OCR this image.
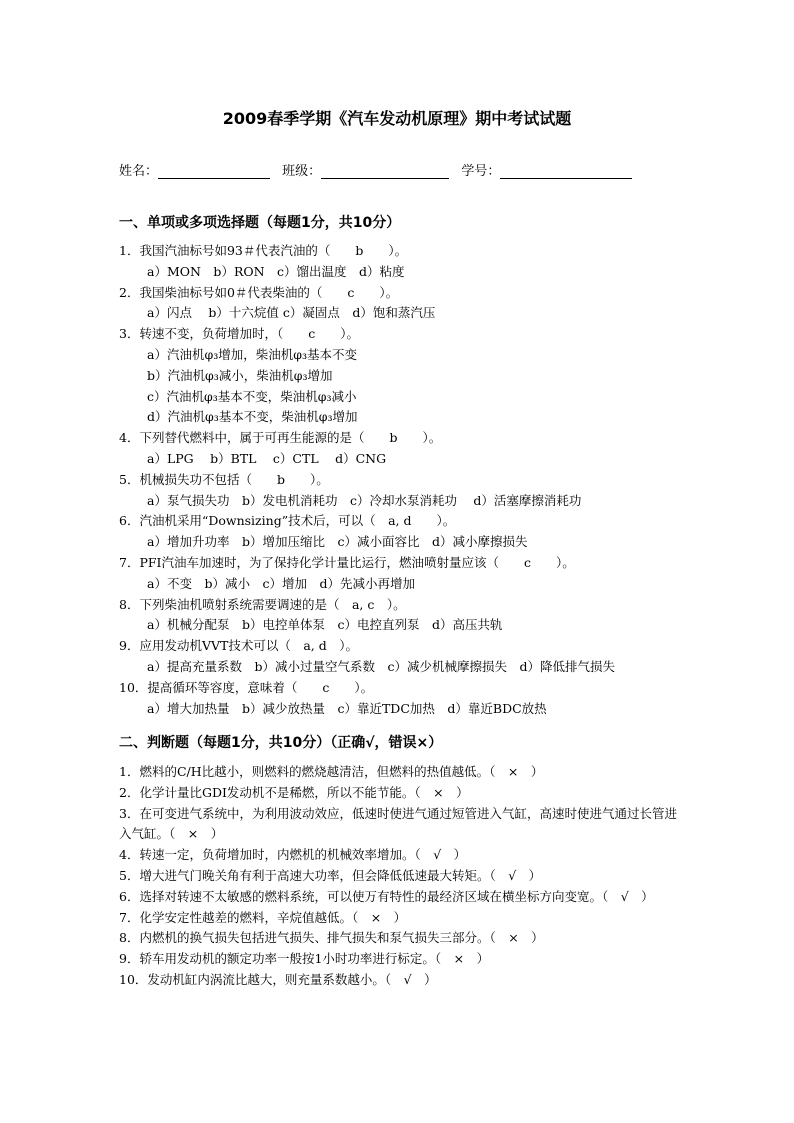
2009春季学期《汽车发动机原理》期中考试试题
姓名：	班级：	学号：
一、单项或多项选择题（每题1分，共10分）
1．我国汽油标号如93＃代表汽油的（　　b　　）。
a）MON　b）RON　c）馏出温度　d）粘度
2．我国柴油标号如0＃代表柴油的（　　c　　）。
a）闪点　 b）十六烷值 c）凝固点　d）饱和蒸汽压
3．转速不变，负荷增加时，（　　c　　）。
a）汽油机φ₃增加，柴油机φ₃基本不变
b）汽油机φ₃减小，柴油机φ₃增加
c）汽油机φ₃基本不变，柴油机φ₃减小
d）汽油机φ₃基本不变，柴油机φ₃增加
4．下列替代燃料中，属于可再生能源的是（　　b　　）。
a）LPG　 b）BTL　 c）CTL　 d）CNG
5．机械损失功不包括（　　b　　）。
a）泵气损失功　b）发电机消耗功　c）冷却水泵消耗功　 d）活塞摩擦消耗功
6．汽油机采用“Downsizing”技术后，可以（　a, d　　）。
a）增加升功率　b）增加压缩比　c）减小面容比　d）减小摩擦损失
7．PFI汽油车加速时，为了保持化学计量比运行，燃油喷射量应该（　　c　　）。
a）不变　b）减小　c）增加　d）先减小再增加
8．下列柴油机喷射系统需要调速的是（　a, c　）。
a）机械分配泵　b）电控单体泵　c）电控直列泵　d）高压共轨
9．应用发动机VVT技术可以（　a, d　）。
a）提高充量系数　b）减小过量空气系数　c）减少机械摩擦损失　d）降低排气损失
10．提高循环等容度，意味着（　　c　　）。
a）增大加热量　b）减少放热量　c）靠近TDC加热　d）靠近BDC放热
二、判断题（每题1分，共10分）（正确√，错误×）
1．燃料的C/H比越小，则燃料的燃烧越清洁，但燃料的热值越低。（　×　）
2．化学计量比GDI发动机不是稀燃，所以不能节能。（　×　）
3．在可变进气系统中，为利用波动效应，低速时使进气通过短管进入气缸，高速时使进气通过长管进入气缸。（　×　）
4．转速一定，负荷增加时，内燃机的机械效率增加。（　√　）
5．增大进气门晚关角有利于高速大功率，但会降低低速最大转矩。（　√　）
6．选择对转速不太敏感的燃料系统，可以使万有特性的最经济区域在横坐标方向变宽。（　√　）
7．化学安定性越差的燃料，辛烷值越低。（　×　）
8．内燃机的换气损失包括进气损失、排气损失和泵气损失三部分。（　×　）
9．轿车用发动机的额定功率一般按1小时功率进行标定。（　×　）
10．发动机缸内涡流比越大，则充量系数越小。（　√　）
